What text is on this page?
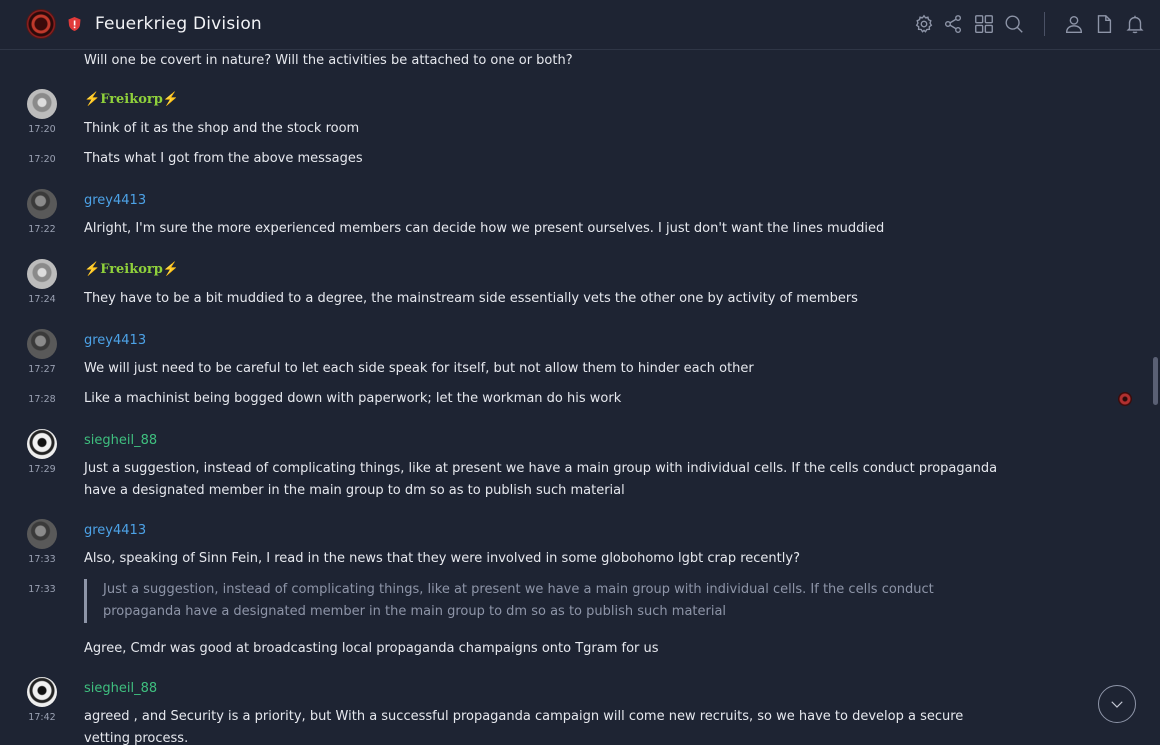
Feuerkrieg Division
Will one be covert in nature? Will the activities be attached to one or both?
⚡Freikorp⚡
17:20	Think of it as the shop and the stock room
17:20	Thats what I got from the above messages
grey4413
17:22	Alright, I'm sure the more experienced members can decide how we present ourselves. I just don't want the lines muddied
⚡Freikorp⚡
17:24	They have to be a bit muddied to a degree, the mainstream side essentially vets the other one by activity of members
grey4413
17:27	We will just need to be careful to let each side speak for itself, but not allow them to hinder each other
17:28	Like a machinist being bogged down with paperwork; let the workman do his work
siegheil_88
17:29	Just a suggestion, instead of complicating things, like at present we have a main group with individual cells. If the cells conduct propaganda have a designated member in the main group to dm so as to publish such material
grey4413
17:33	Also, speaking of Sinn Fein, I read in the news that they were involved in some globohomo lgbt crap recently?
17:33	Just a suggestion, instead of complicating things, like at present we have a main group with individual cells. If the cells conduct propaganda have a designated member in the main group to dm so as to publish such material
Agree, Cmdr was good at broadcasting local propaganda champaigns onto Tgram for us
siegheil_88
17:42	agreed , and Security is a priority, but With a successful propaganda campaign will come new recruits, so we have to develop a secure vetting process.
